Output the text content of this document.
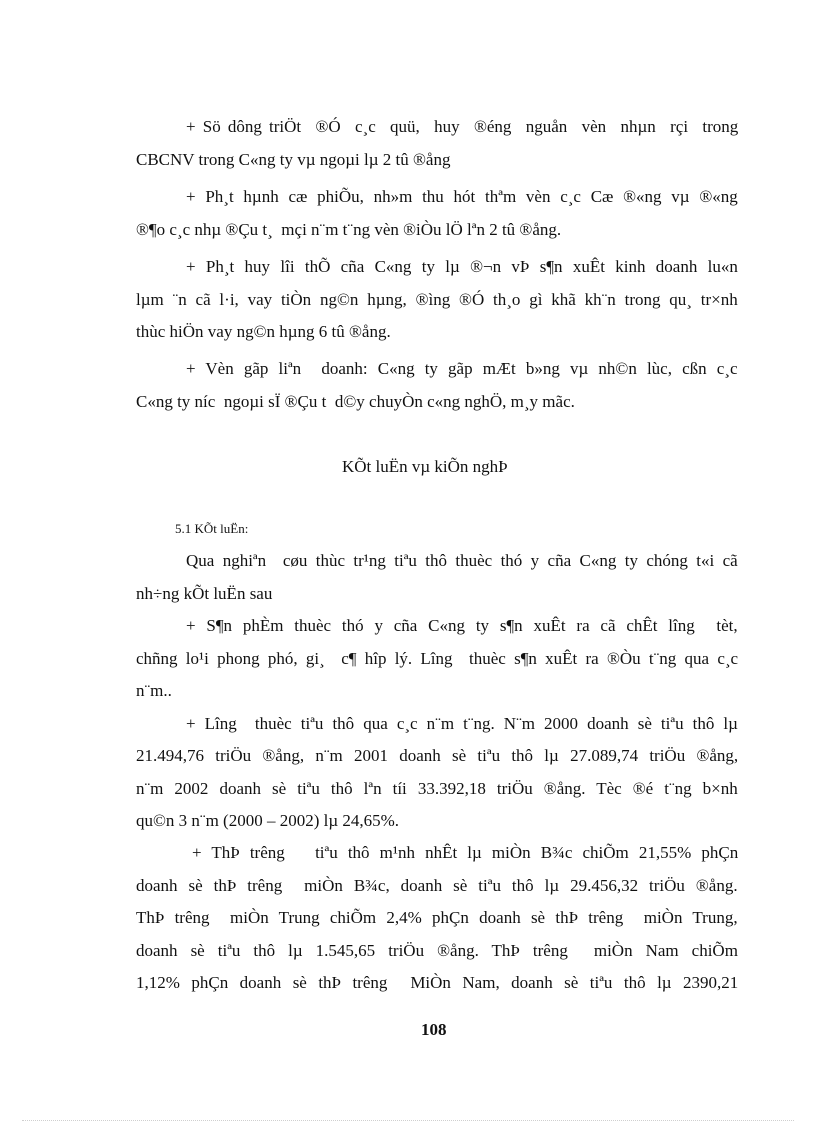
+ Sö dông triÖt  ®Ó  c¸c  quü,  huy  ®éng  nguån  vèn  nhµn  rçi  trong
CBCNV trong C«ng ty vµ ngoµi lµ 2 tû ®ång
+ Ph¸t hµnh cæ phiÕu, nh»m thu hót thªm vèn c¸c Cæ ®«ng vµ ®«ng
®¶o c¸c nhµ ®Çu t¸  mçi n¨m t¨ng vèn ®iÒu lÖ lªn 2 tû ®ång.
+ Ph¸t huy lîi thÕ cña C«ng ty lµ ®¬n vÞ s¶n xuÊt kinh doanh lu«n
lµm ¨n cã l·i, vay tiÒn ng©n hµng, ®ìng ®Ó th¸o gì khã kh¨n trong qu¸ tr×nh
thùc hiÖn vay ng©n hµng 6 tû ®ång.
+ Vèn gãp liªn  doanh: C«ng ty gãp mÆt b»ng vµ nh©n lùc, cßn c¸c
C«ng ty níc  ngoµi sÏ ®Çu t  d©y chuyÒn c«ng nghÖ, m¸y mãc.
KÕt luËn vµ kiÕn nghÞ
5.1 KÕt luËn:
Qua nghiªn  cøu thùc tr¹ng tiªu thô thuèc thó y cña C«ng ty chóng t«i cã
nh÷ng kÕt luËn sau
+ S¶n phÈm thuèc thó y cña C«ng ty s¶n xuÊt ra cã chÊt lîng  tèt,
chñng lo¹i phong phó, gi¸  c¶ hîp lý. Lîng  thuèc s¶n xuÊt ra ®Òu t¨ng qua c¸c
n¨m..
+ Lîng  thuèc tiªu thô qua c¸c n¨m t¨ng. N¨m 2000 doanh sè tiªu thô lµ
21.494,76 triÖu ®ång, n¨m 2001 doanh sè tiªu thô lµ 27.089,74 triÖu ®ång,
n¨m 2002 doanh sè tiªu thô lªn tíi 33.392,18 triÖu ®ång. Tèc ®é t¨ng b×nh
qu©n 3 n¨m (2000 – 2002) lµ 24,65%.
+ ThÞ trêng   tiªu thô m¹nh nhÊt lµ miÒn B¾c chiÕm 21,55% phÇn
doanh sè thÞ trêng  miÒn B¾c, doanh sè tiªu thô lµ 29.456,32 triÖu ®ång.
ThÞ trêng  miÒn Trung chiÕm 2,4% phÇn doanh sè thÞ trêng  miÒn Trung,
doanh sè tiªu thô lµ 1.545,65 triÖu ®ång. ThÞ trêng  miÒn Nam chiÕm
1,12% phÇn doanh sè thÞ trêng  MiÒn Nam, doanh sè tiªu thô lµ 2390,21
108
